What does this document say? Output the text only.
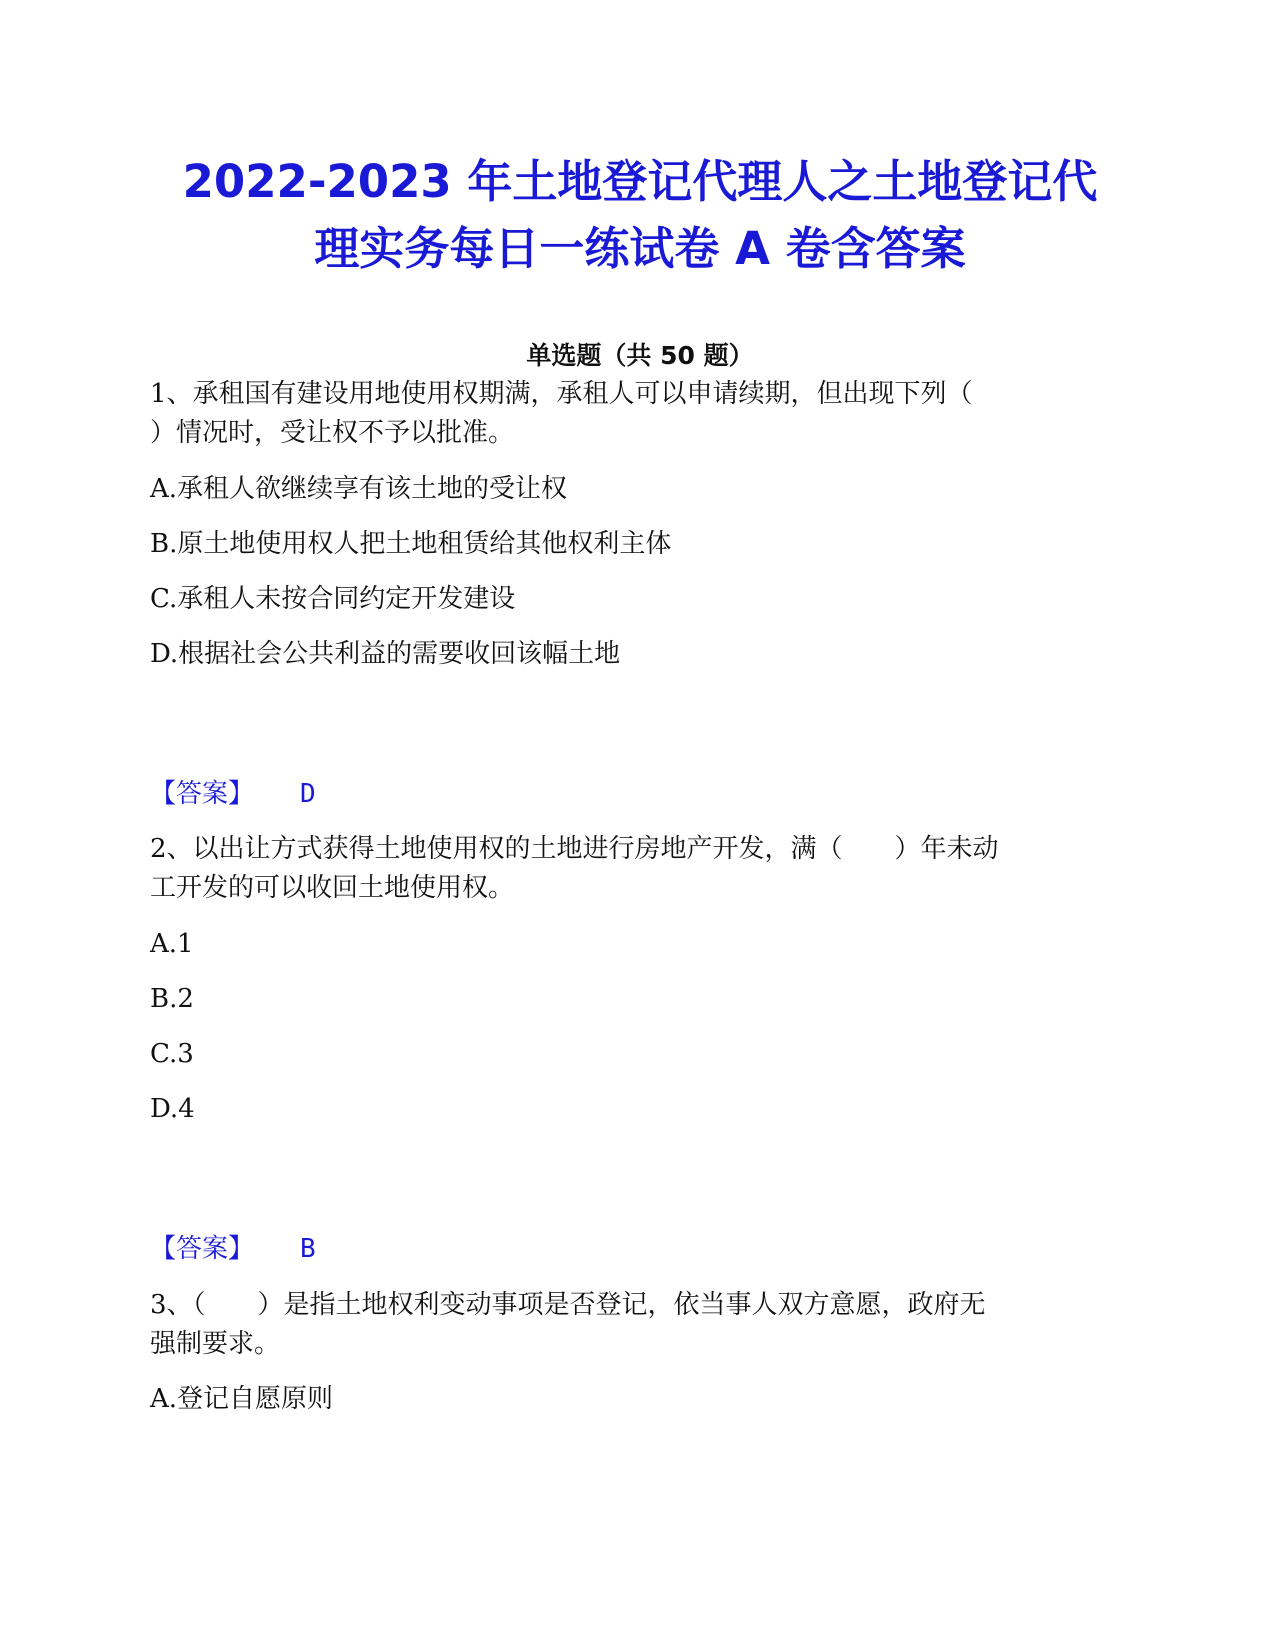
2022-2023 年土地登记代理人之土地登记代
理实务每日一练试卷 A 卷含答案
单选题（共 50 题）
1、承租国有建设用地使用权期满，承租人可以申请续期，但出现下列（
）情况时，受让权不予以批准。
A.承租人欲继续享有该土地的受让权
B.原土地使用权人把土地租赁给其他权利主体
C.承租人未按合同约定开发建设
D.根据社会公共利益的需要收回该幅土地
【答案】 D
2、以出让方式获得土地使用权的土地进行房地产开发，满（　　）年未动
工开发的可以收回土地使用权。
A.1
B.2
C.3
D.4
【答案】 B
3、（　　）是指土地权利变动事项是否登记，依当事人双方意愿，政府无
强制要求。
A.登记自愿原则
